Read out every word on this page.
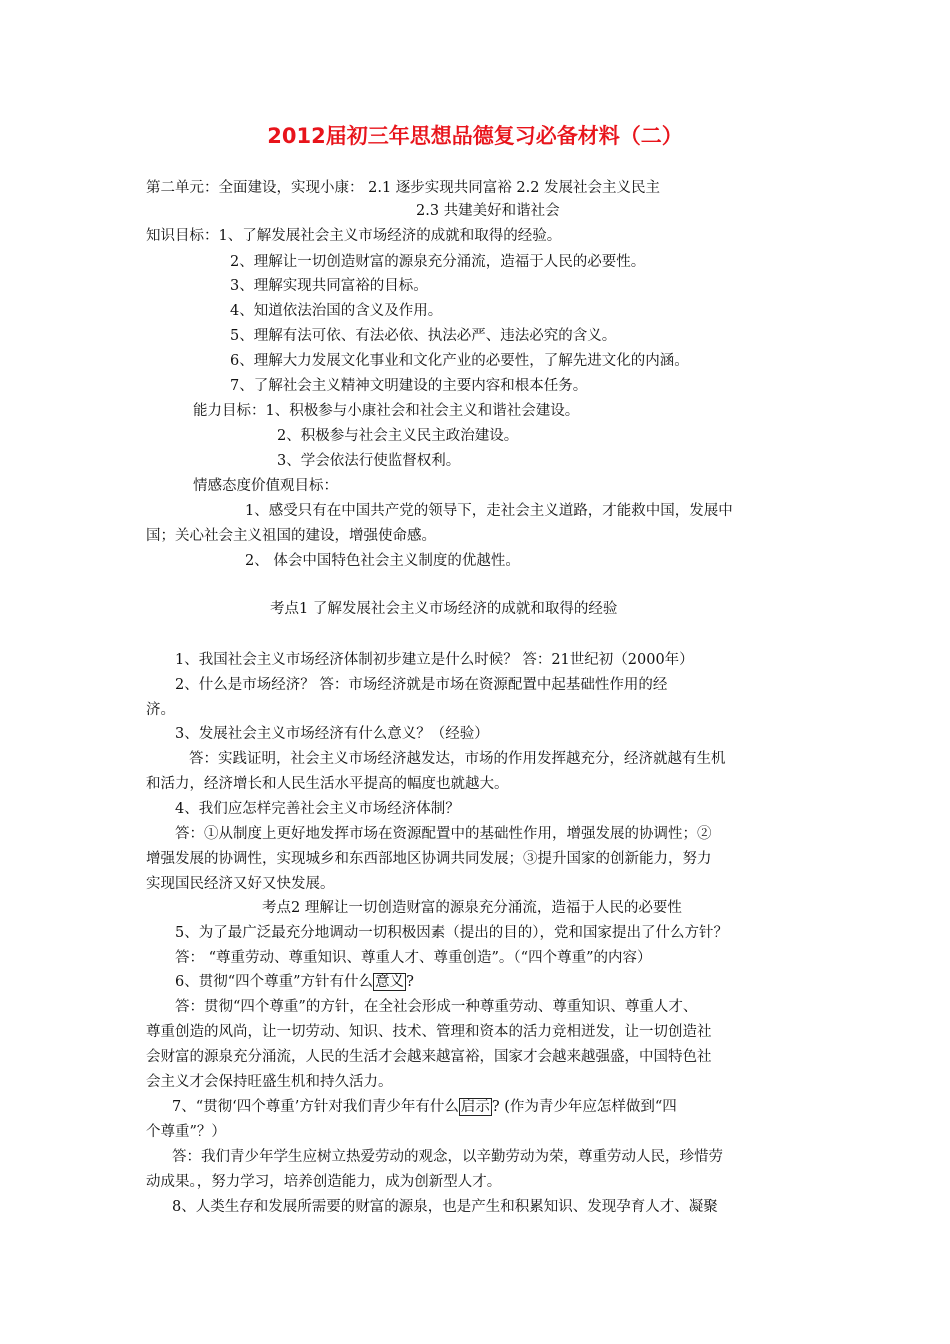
2012届初三年思想品德复习必备材料（二）
第二单元：全面建设，实现小康： 2.1 逐步实现共同富裕 2.2 发展社会主义民主
2.3 共建美好和谐社会
知识目标：1、了解发展社会主义市场经济的成就和取得的经验。
2、理解让一切创造财富的源泉充分涌流，造福于人民的必要性。
3、理解实现共同富裕的目标。
4、知道依法治国的含义及作用。
5、理解有法可依、有法必依、执法必严、违法必究的含义。
6、理解大力发展文化事业和文化产业的必要性，了解先进文化的内涵。
7、了解社会主义精神文明建设的主要内容和根本任务。
能力目标：1、积极参与小康社会和社会主义和谐社会建设。
2、积极参与社会主义民主政治建设。
3、学会依法行使监督权利。
情感态度价值观目标：
1、感受只有在中国共产党的领导下，走社会主义道路，才能救中国，发展中
国；关心社会主义祖国的建设，增强使命感。
2、 体会中国特色社会主义制度的优越性。
考点1 了解发展社会主义市场经济的成就和取得的经验
1、我国社会主义市场经济体制初步建立是什么时候？ 答：21世纪初（2000年）
2、什么是市场经济？ 答：市场经济就是市场在资源配置中起基础性作用的经
济。
3、发展社会主义市场经济有什么意义？（经验）
答：实践证明，社会主义市场经济越发达，市场的作用发挥越充分，经济就越有生机
和活力，经济增长和人民生活水平提高的幅度也就越大。
4、我们应怎样完善社会主义市场经济体制？
答：①从制度上更好地发挥市场在资源配置中的基础性作用，增强发展的协调性；②
增强发展的协调性，实现城乡和东西部地区协调共同发展；③提升国家的创新能力，努力
实现国民经济又好又快发展。
考点2 理解让一切创造财富的源泉充分涌流，造福于人民的必要性
5、为了最广泛最充分地调动一切积极因素（提出的目的），党和国家提出了什么方针？
答： “尊重劳动、尊重知识、尊重人才、尊重创造”。（“四个尊重”的内容）
6、贯彻“四个尊重”方针有什么 意义 ?
答：贯彻“四个尊重”的方针，在全社会形成一种尊重劳动、尊重知识、尊重人才、
尊重创造的风尚，让一切劳动、知识、技术、管理和资本的活力竞相迸发，让一切创造社
会财富的源泉充分涌流，人民的生活才会越来越富裕，国家才会越来越强盛，中国特色社
会主义才会保持旺盛生机和持久活力。
7、“贯彻‘四个尊重’方针对我们青少年有什么 启示 ? (作为青少年应怎样做到“四
个尊重”？）
答：我们青少年学生应树立热爱劳动的观念，以辛勤劳动为荣，尊重劳动人民，珍惜劳
动成果。，努力学习，培养创造能力，成为创新型人才。
8、人类生存和发展所需要的财富的源泉，也是产生和积累知识、发现孕育人才、凝聚
